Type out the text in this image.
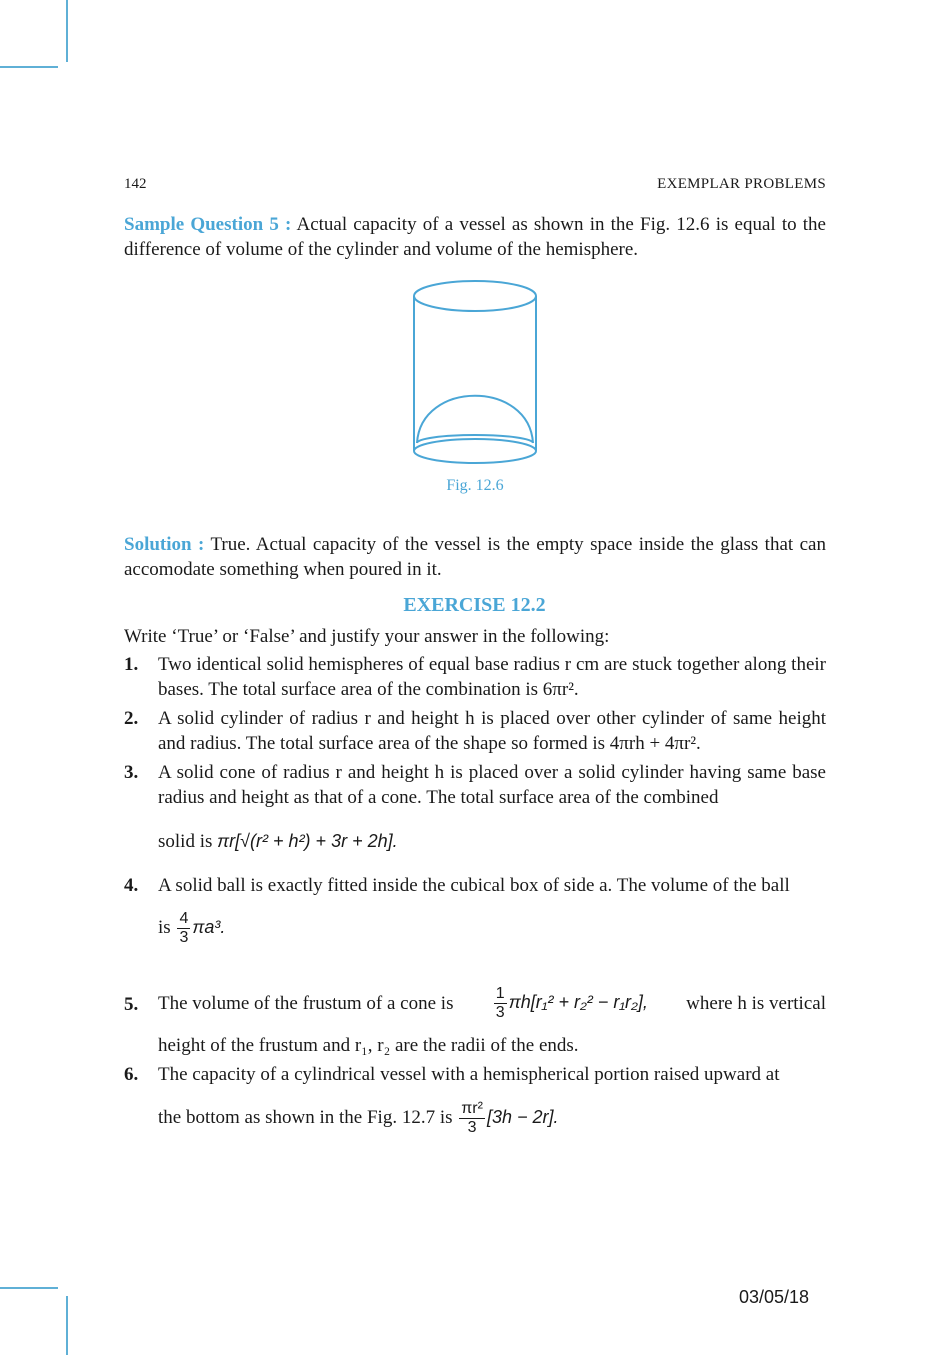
142	EXEMPLAR PROBLEMS
Sample Question 5 : Actual capacity of a vessel as shown in the Fig. 12.6 is equal to the difference of volume of the cylinder and volume of the hemisphere.
Fig. 12.6
Solution : True. Actual capacity of the vessel is the empty space inside the glass that can accomodate something when poured in it.
EXERCISE 12.2
Write ‘True’ or ‘False’ and justify your answer in the following:
1. Two identical solid hemispheres of equal base radius r cm are stuck together along their bases. The total surface area of the combination is 6πr².
2. A solid cylinder of radius r and height h is placed over other cylinder of same height and radius. The total surface area of the shape so formed is 4πrh + 4πr².
3. A solid cone of radius r and height h is placed over a solid cylinder having same base radius and height as that of a cone. The total surface area of the combined
solid is πr[√(r² + h²) + 3r + 2h].
4. A solid ball is exactly fitted inside the cubical box of side a. The volume of the ball
is $\frac{4}{3} \pi a^3$.
5. The volume of the frustum of a cone is	$\frac{1}{3} \pi h[r_1^2 + r_2^2 - r_1r_2]$, where h is vertical
height of the frustum and r₁, r₂ are the radii of the ends.
6. The capacity of a cylindrical vessel with a hemispherical portion raised upward at
the bottom as shown in the Fig. 12.7 is $\frac{\text{πr²}}{3} [3h - 2r]$.
03/05/18
